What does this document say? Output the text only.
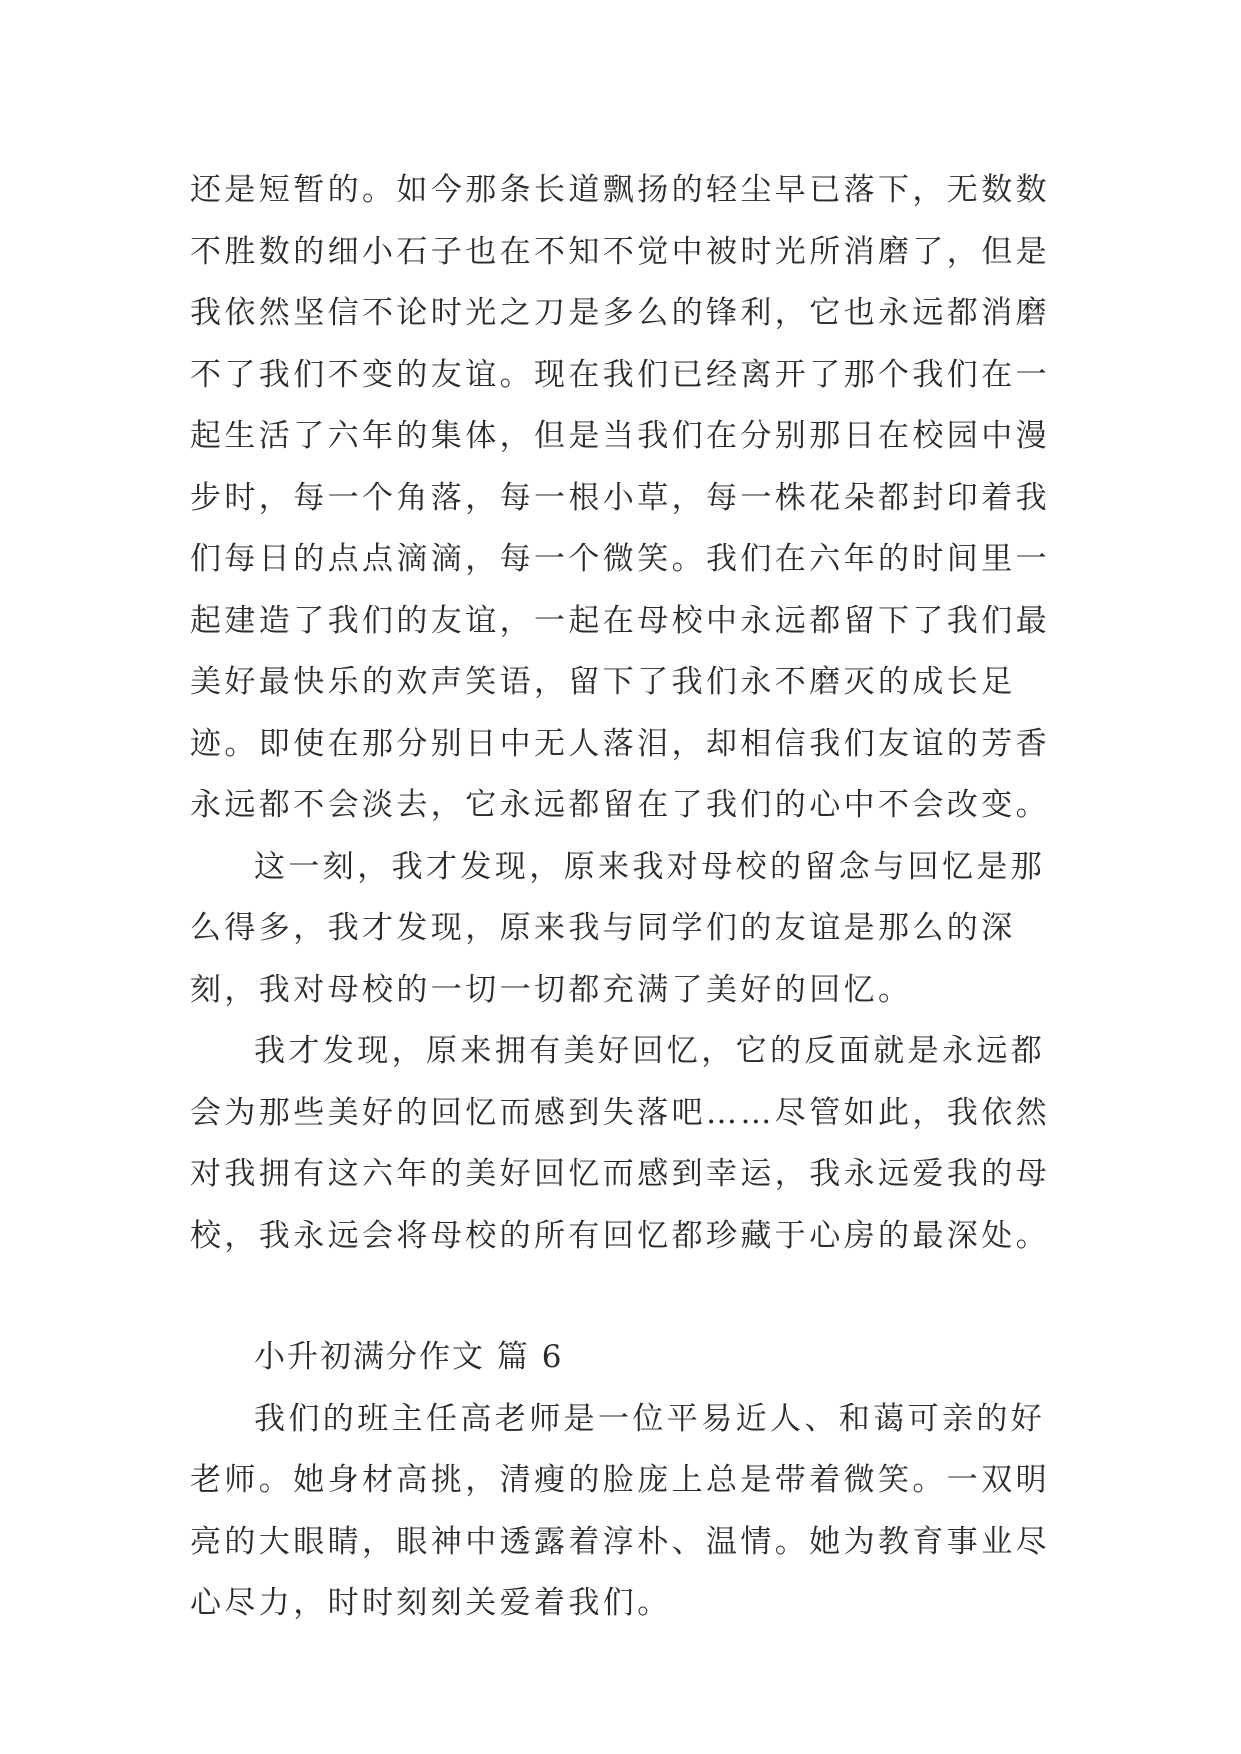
还是短暂的。如今那条长道飘扬的轻尘早已落下，无数数不胜数的细小石子也在不知不觉中被时光所消磨了，但是我依然坚信不论时光之刀是多么的锋利，它也永远都消磨不了我们不变的友谊。现在我们已经离开了那个我们在一起生活了六年的集体，但是当我们在分别那日在校园中漫步时，每一个角落，每一根小草，每一株花朵都封印着我们每日的点点滴滴，每一个微笑。我们在六年的时间里一起建造了我们的友谊，一起在母校中永远都留下了我们最美好最快乐的欢声笑语，留下了我们永不磨灭的成长足迹。即使在那分别日中无人落泪，却相信我们友谊的芳香永远都不会淡去，它永远都留在了我们的心中不会改变。

这一刻，我才发现，原来我对母校的留念与回忆是那么得多，我才发现，原来我与同学们的友谊是那么的深刻，我对母校的一切一切都充满了美好的回忆。

我才发现，原来拥有美好回忆，它的反面就是永远都会为那些美好的回忆而感到失落吧……尽管如此，我依然对我拥有这六年的美好回忆而感到幸运，我永远爱我的母校，我永远会将母校的所有回忆都珍藏于心房的最深处。

小升初满分作文 篇 6

我们的班主任高老师是一位平易近人、和蔼可亲的好老师。她身材高挑，清瘦的脸庞上总是带着微笑。一双明亮的大眼睛，眼神中透露着淳朴、温情。她为教育事业尽心尽力，时时刻刻关爱着我们。
